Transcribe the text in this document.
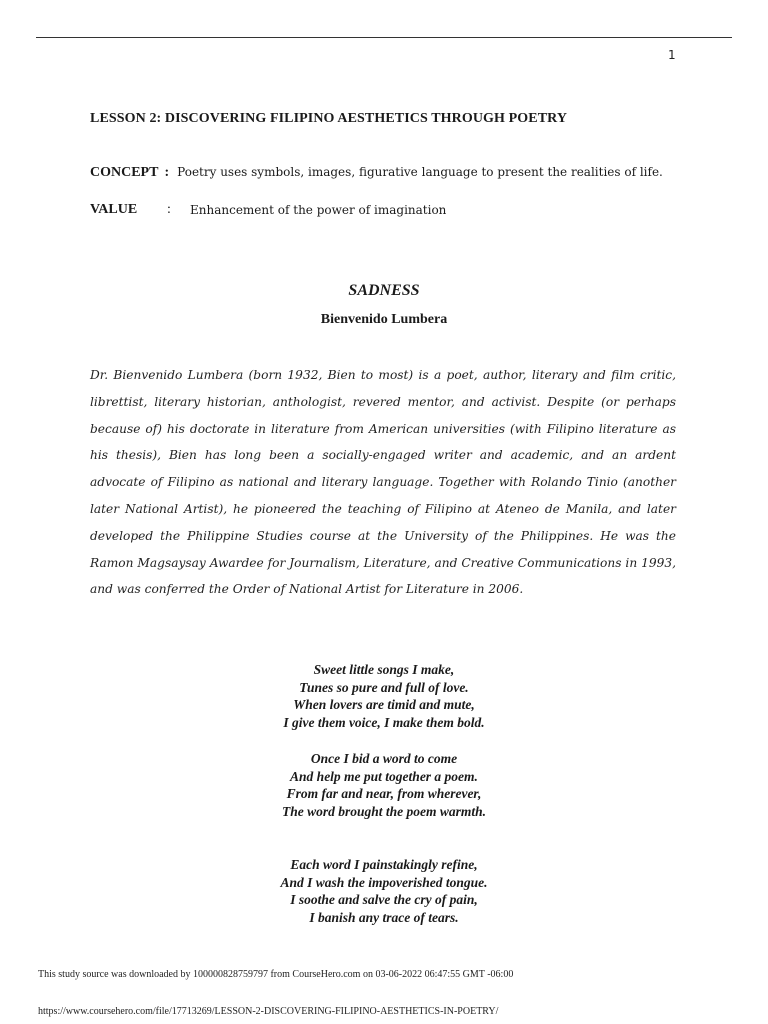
1
LESSON 2: DISCOVERING FILIPINO AESTHETICS THROUGH POETRY
CONCEPT : Poetry uses symbols, images, figurative language to present the realities of life.
VALUE : Enhancement of the power of imagination
SADNESS
Bienvenido Lumbera

Dr. Bienvenido Lumbera (born 1932, Bien to most) is a poet, author, literary and film critic, librettist, literary historian, anthologist, revered mentor, and activist. Despite (or perhaps because of) his doctorate in literature from American universities (with Filipino literature as his thesis), Bien has long been a socially-engaged writer and academic, and an ardent advocate of Filipino as national and literary language. Together with Rolando Tinio (another later National Artist), he pioneered the teaching of Filipino at Ateneo de Manila, and later developed the Philippine Studies course at the University of the Philippines. He was the Ramon Magsaysay Awardee for Journalism, Literature, and Creative Communications in 1993, and was conferred the Order of National Artist for Literature in 2006.

Sweet little songs I make,
Tunes so pure and full of love.
When lovers are timid and mute,
I give them voice, I make them bold.
Once I bid a word to come
And help me put together a poem.
From far and near, from wherever,
The word brought the poem warmth.
Each word I painstakingly refine,
And I wash the impoverished tongue.
I soothe and salve the cry of pain,
I banish any trace of tears.
This study source was downloaded by 100000828759797 from CourseHero.com on 03-06-2022 06:47:55 GMT -06:00
https://www.coursehero.com/file/17713269/LESSON-2-DISCOVERING-FILIPINO-AESTHETICS-IN-POETRY/
